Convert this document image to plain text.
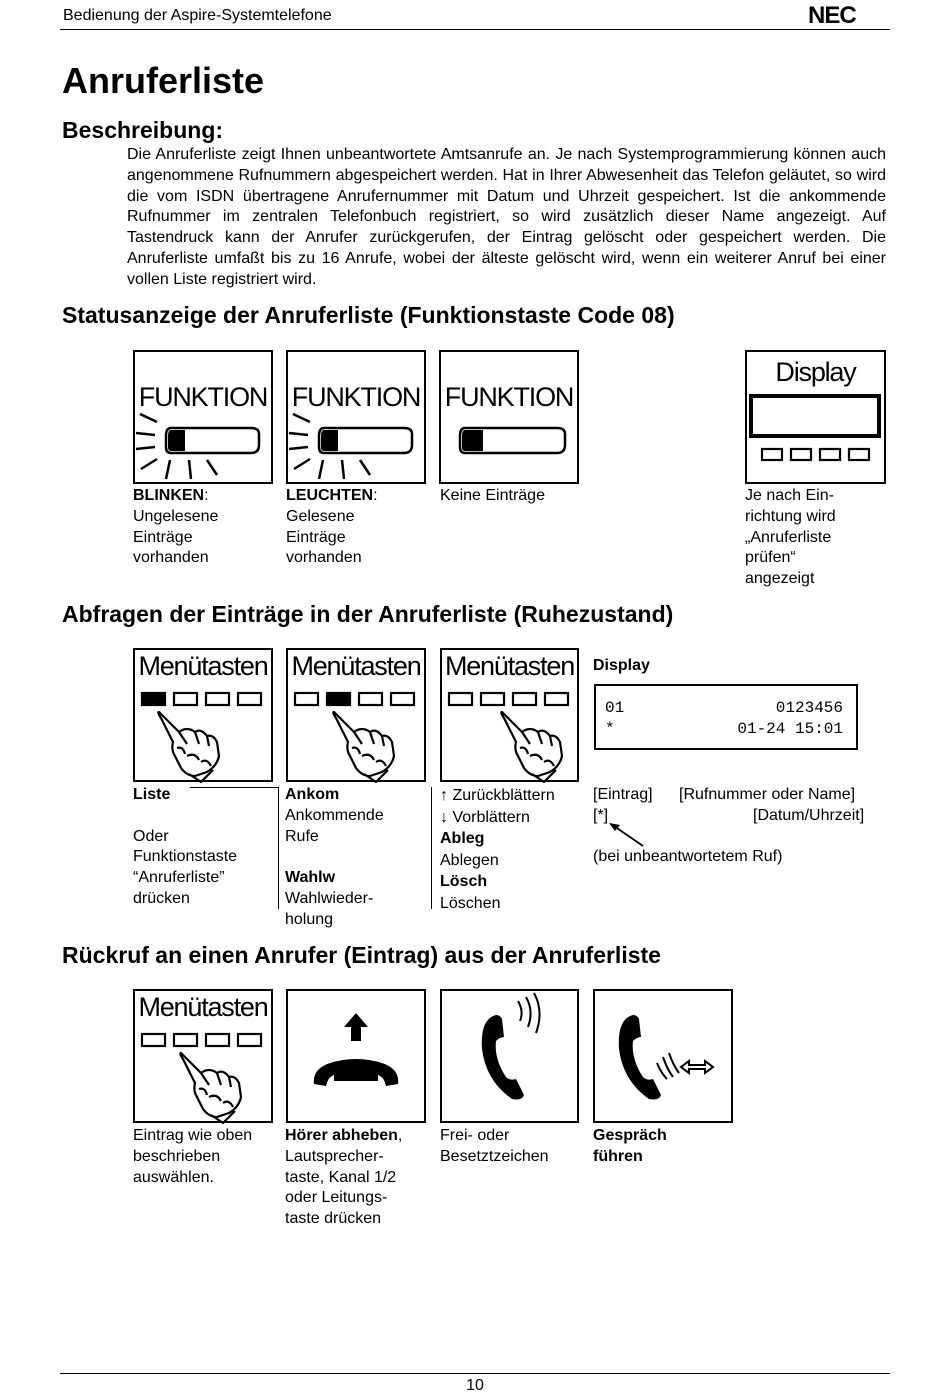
Bedienung der Aspire-Systemtelefone	NEC
Anruferliste
Beschreibung:
Die Anruferliste zeigt Ihnen unbeantwortete Amtsanrufe an. Je nach Systemprogrammierung können auch angenommene Rufnummern abgespeichert werden. Hat in Ihrer Abwesenheit das Telefon geläutet, so wird die vom ISDN übertragene Anrufernummer mit Datum und Uhrzeit gespeichert. Ist die ankommende Rufnummer im zentralen Telefonbuch registriert, so wird zusätzlich dieser Name angezeigt. Auf Tastendruck kann der Anrufer zurückgerufen, der Eintrag gelöscht oder gespeichert werden. Die Anruferliste umfaßt bis zu 16 Anrufe, wobei der älteste gelöscht wird, wenn ein weiterer Anruf bei einer vollen Liste registriert wird.
Statusanzeige der Anruferliste (Funktionstaste Code 08)
FUNKTION FUNKTION FUNKTION
Display
BLINKEN:
Ungelesene
Einträge
vorhanden
LEUCHTEN:
Gelesene
Einträge
vorhanden
Keine Einträge	Je nach Ein-
richtung wird
„Anruferliste
prüfen“
angezeigt
Abfragen der Einträge in der Anruferliste (Ruhezustand)
Menütasten Menütasten Menütasten Display
01	0123456
*	01-24 15:01
Liste

Oder
Funktionstaste
“Anruferliste”
drücken
Ankom
Ankommende
Rufe

Wahlw
Wahlwieder-
holung
↑ Zurückblättern
↓ Vorblättern
Ableg
Ablegen
Lösch
Löschen
[Eintrag] [Rufnummer oder Name]
[*]	[Datum/Uhrzeit]
(bei unbeantwortetem Ruf)
Rückruf an einen Anrufer (Eintrag) aus der Anruferliste
Menütasten
Eintrag wie oben
beschrieben
auswählen.
Hörer abheben,
Lautsprecher-
taste, Kanal 1/2
oder Leitungs-
taste drücken
Frei- oder
Besetztzeichen
Gespräch
führen
10
